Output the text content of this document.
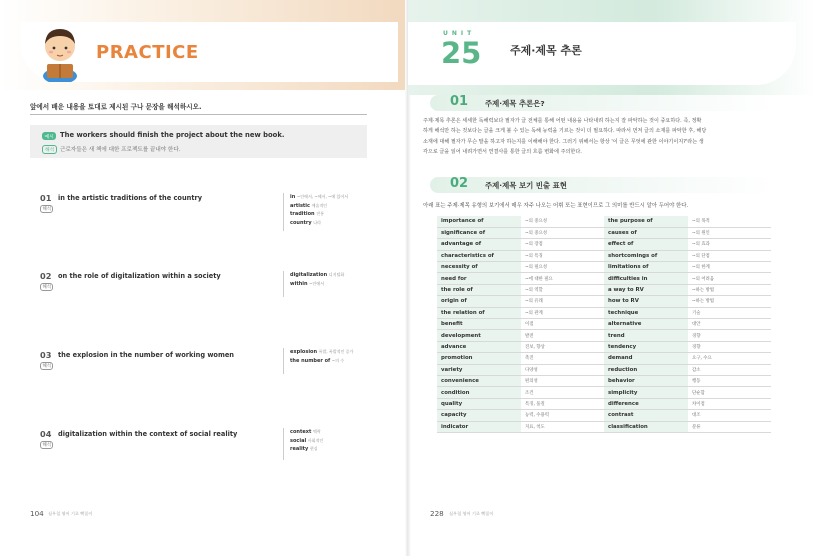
PRACTICE
앞에서 배운 내용을 토대로 제시된 구나 문장을 해석하시오.
예시 The workers should finish the project about the new book.
해석	근로자들은 새 책에 대한 프로젝트를 끝내야 한다.
01 in the artistic traditions of the country
해석
in ~안에서, ~에서, ~에 있어서
artistic 예술적인
tradition 전통
country 나라
02 on the role of digitalization within a society
해석
digitalization 디지털화
within ~안에서
03 the explosion in the number of working women
해석
explosion 폭발, 폭발적인 증가
the number of ~의 수
04 digitalization within the context of social reality
해석
context 맥락
social 사회적인
reality 현실
104 심우철 영어 기초 빡꼼이
UNIT
25	주제·제목 추론
01 주제·제목 추론은?
주제·제목 추론은 세세한 독해력보다 필자가 글 전체를 통해 어떤 내용을 나타내려 하는지 잘 파악하는 것이 중요하다. 즉, 정확
하게 해석만 하는 것보다는 글을 크게 볼 수 있는 독해 능력을 기르는 것이 더 필요하다. 따라서 먼저 글의 소재를 파악한 후, 해당
소재에 대해 필자가 무슨 말을 하고자 하는지를 이해해야 한다. 그러기 위해서는 항상 '이 글은 무엇에 관한 이야기이지?'라는 생
각으로 글을 읽어 내려가면서 연결사를 통한 글의 흐름 변화에 주의한다.
02 주제·제목 보기 빈출 표현
아래 표는 주제·제목 유형의 보기에서 매우 자주 나오는 어휘 또는 표현이므로 그 의미를 반드시 알아 두어야 한다.
importance of	~의 중요성	the purpose of	~의 목적
significance of	~의 중요성	causes of	~의 원인
advantage of	~의 장점	effect of	~의 효과
characteristics of	~의 특징	shortcomings of	~의 단점
necessity of	~의 필요성	limitations of	~의 한계
need for	~에 대한 필요	difficulties in	~의 어려움
the role of	~의 역할	a way to RV	~하는 방법
origin of	~의 유래	how to RV	~하는 방법
the relation of	~의 관계	technique	기술
benefit	이점	alternative	대안
development	발전	trend	경향
advance	진보, 향상	tendency	경향
promotion	촉진	demand	요구, 수요
variety	다양성	reduction	감소
convenience	편의성	behavior	행동
condition	조건	simplicity	단순함
quality	특징, 품질	difference	차이점
capacity	능력, 수용력	contrast	대조
indicator	지표, 척도	classification	분류
228 심우철 영어 기초 빡꼼이
